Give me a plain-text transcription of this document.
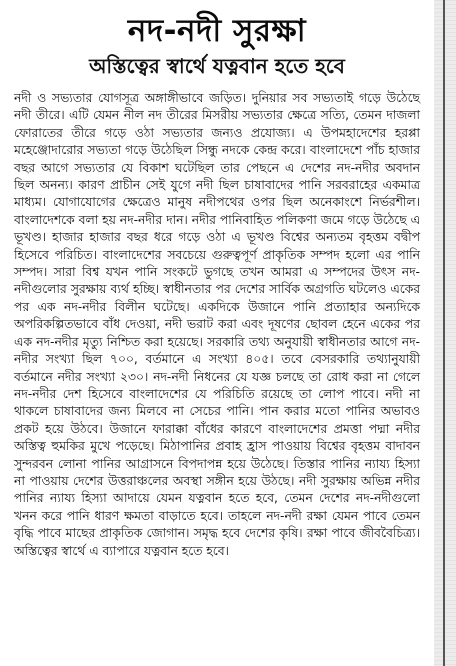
নদ-নদী সুরক্ষা
অস্তিত্বের স্বার্থে যত্নবান হতে হবে

নদী ও সভ্যতার যোগসূত্র অঙ্গাঙ্গীভাবে জড়িত। দুনিয়ার সব সভ্যতাই গড়ে উঠেছে নদী তীরে। এটি যেমন নীল নদ তীরের মিসরীয় সভ্যতার ক্ষেত্রে সত্যি, তেমন দাজলা ফোরাতের তীরে গড়ে ওঠা সভ্যতার জন্যও প্রযোজ্য। এ উপমহাদেশের হরপ্পা মহেঞ্জোদারোর সভ্যতা গড়ে উঠেছিল সিন্ধু নদকে কেন্দ্র করে। বাংলাদেশে পাঁচ হাজার বছর আগে সভ্যতার যে বিকাশ ঘটেছিল তার পেছনে এ দেশের নদ-নদীর অবদান ছিল অনন্য। কারণ প্রাচীন সেই যুগে নদী ছিল চাষাবাদের পানি সরবরাহের একমাত্র মাধ্যম। যোগাযোগের ক্ষেত্রেও মানুষ নদীপথের ওপর ছিল অনেকাংশে নির্ভরশীল। বাংলাদেশকে বলা হয় নদ-নদীর দান। নদীর পানিবাহিত পলিকণা জমে গড়ে উঠেছে এ ভূখণ্ড। হাজার হাজার বছর ধরে গড়ে ওঠা এ ভূখণ্ড বিশ্বের অন্যতম বৃহত্তম বদ্বীপ হিসেবে পরিচিত। বাংলাদেশের সবচেয়ে গুরুত্বপূর্ণ প্রাকৃতিক সম্পদ হলো এর পানি সম্পদ। সারা বিশ্ব যখন পানি সংকটে ভুগছে তখন আমরা এ সম্পদের উৎস নদ-নদীগুলোর সুরক্ষায় ব্যর্থ হচ্ছি। স্বাধীনতার পর দেশের সার্বিক অগ্রগতি ঘটলেও একের পর এক নদ-নদীর বিলীন ঘটেছে। একদিকে উজানে পানি প্রত্যাহার অন্যদিকে অপরিকল্পিতভাবে বাঁধ দেওয়া, নদী ভরাট করা এবং দূষণের ছোবল হেনে একের পর এক নদ-নদীর মৃত্যু নিশ্চিত করা হয়েছে। সরকারি তথ্য অনুযায়ী স্বাধীনতার আগে নদ-নদীর সংখ্যা ছিল ৭০০, বর্তমানে এ সংখ্যা ৪০৫। তবে বেসরকারি তথ্যানুযায়ী বর্তমানে নদীর সংখ্যা ২৩০। নদ-নদী নিধনের যে যজ্ঞ চলছে তা রোধ করা না গেলে নদ-নদীর দেশ হিসেবে বাংলাদেশের যে পরিচিতি রয়েছে তা লোপ পাবে। নদী না থাকলে চাষাবাদের জন্য মিলবে না সেচের পানি। পান করার মতো পানির অভাবও প্রকট হয়ে উঠবে। উজানে ফারাক্কা বাঁধের কারণে বাংলাদেশের প্রমত্তা পদ্মা নদীর অস্তিত্ব হুমকির মুখে পড়েছে। মিঠাপানির প্রবাহ হ্রাস পাওয়ায় বিশ্বের বৃহত্তম বাদাবন সুন্দরবন লোনা পানির আগ্রাসনে বিপদাপন্ন হয়ে উঠেছে। তিস্তার পানির ন্যায্য হিস্যা না পাওয়ায় দেশের উত্তরাঞ্চলের অবস্থা সঙ্গীন হয়ে উঠছে। নদী সুরক্ষায় অভিন্ন নদীর পানির ন্যায্য হিস্যা আদায়ে যেমন যত্নবান হতে হবে, তেমন দেশের নদ-নদীগুলো খনন করে পানি ধারণ ক্ষমতা বাড়াতে হবে। তাহলে নদ-নদী রক্ষা যেমন পাবে তেমন বৃদ্ধি পাবে মাছের প্রাকৃতিক জোগান। সমৃদ্ধ হবে দেশের কৃষি। রক্ষা পাবে জীববৈচিত্র্য। অস্তিত্বের স্বার্থে এ ব্যাপারে যত্নবান হতে হবে।
